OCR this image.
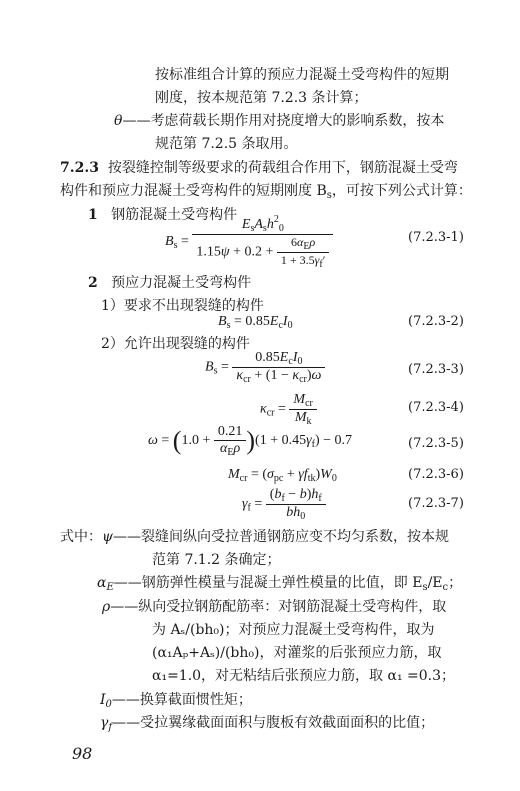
按标准组合计算的预应力混凝土受弯构件的短期
刚度，按本规范第 7.2.3 条计算；
θ——考虑荷载长期作用对挠度增大的影响系数，按本
规范第 7.2.5 条取用。
7.2.3 按裂缝控制等级要求的荷载组合作用下，钢筋混凝土受弯
构件和预应力混凝土受弯构件的短期刚度 $B_s$，可按下列公式计算：
1 钢筋混凝土受弯构件
$B_s = \frac{E_sA_sh^2_0}{1.15\psi + 0.2 + \frac{6\alpha_E\rho}{1 + 3.5\gamma_f'}}$	(7.2.3-1)
2 预应力混凝土受弯构件
1）要求不出现裂缝的构件
$B_s = 0.85E_cI_0$	(7.2.3-2)
2）允许出现裂缝的构件
$B_s = \frac{0.85E_cI_0}{\kappa_{cr} + (1 - \kappa_{cr})\omega}$	(7.2.3-3)
$\kappa_{cr} = \frac{M_{cr}}{M_k}$	(7.2.3-4)
$\omega = (1.0 + \frac{0.21}{\alpha_E\rho} )(1 + 0.45\gamma_f) - 0.7$	(7.2.3-5)
$M_{cr} = (\sigma_{pc} + \gamma f_{tk})W_0$	(7.2.3-6)
$\gamma_f = \frac{(b_f - b)h_f}{bh_0}$	(7.2.3-7)
式中：ψ——裂缝间纵向受拉普通钢筋应变不均匀系数，按本规
范第 7.1.2 条确定；
$\alpha_E——$钢筋弹性模量与混凝土弹性模量的比值，即 $E_s/E_c$；
ρ——纵向受拉钢筋配筋率：对钢筋混凝土受弯构件，取
为 Aₛ/(bh₀)；对预应力混凝土受弯构件，取为
(α₁Aₚ+Aₛ)/(bh₀)，对灌浆的后张预应力筋，取
α₁=1.0，对无粘结后张预应力筋，取 α₁ =0.3；
$I_0——$换算截面惯性矩；
$\gamma_f——$受拉翼缘截面面积与腹板有效截面面积的比值；
98
